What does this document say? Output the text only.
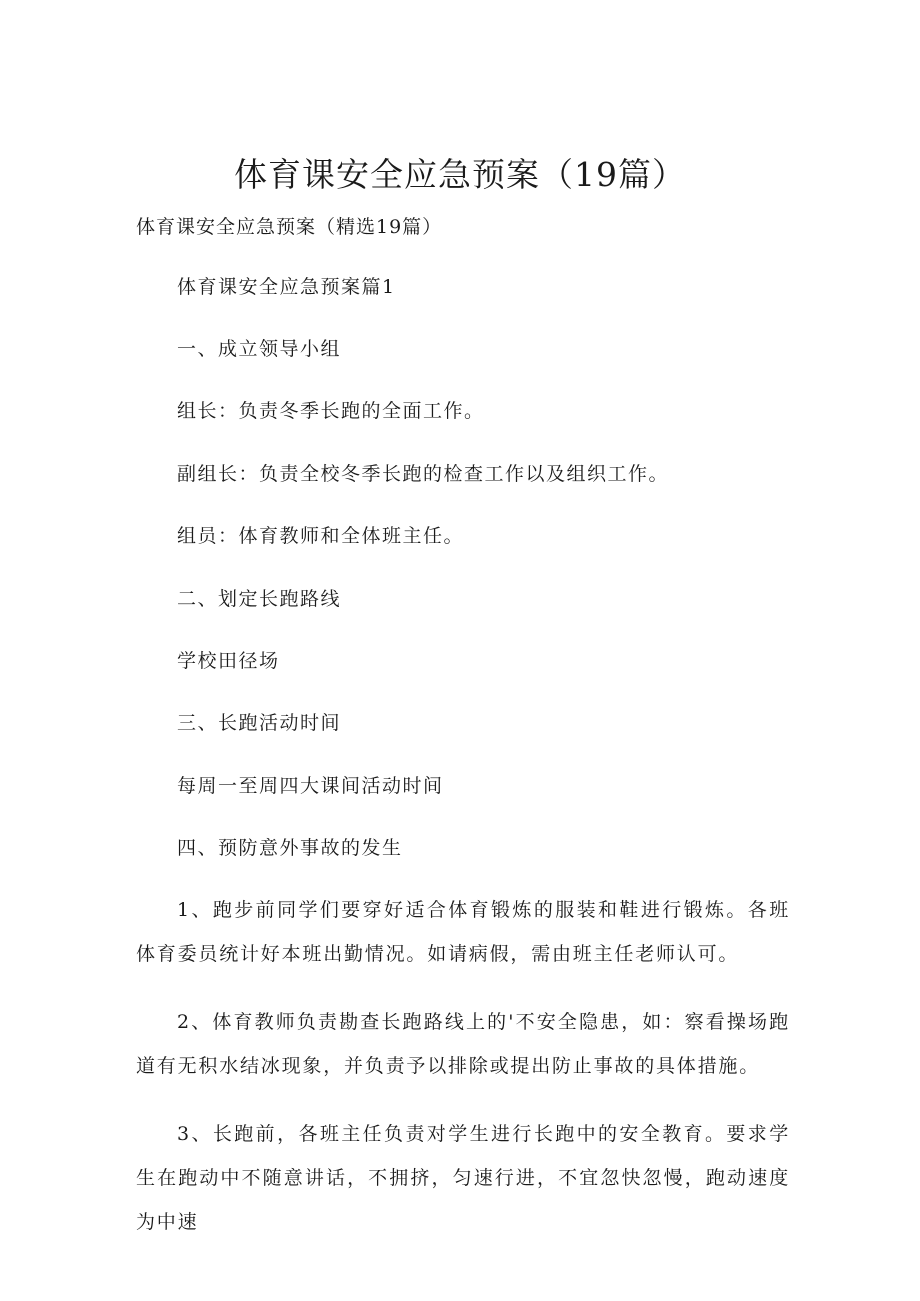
体育课安全应急预案（19篇）

体育课安全应急预案（精选19篇）

体育课安全应急预案篇1

一、成立领导小组

组长：负责冬季长跑的全面工作。

副组长：负责全校冬季长跑的检查工作以及组织工作。

组员：体育教师和全体班主任。

二、划定长跑路线

学校田径场

三、长跑活动时间

每周一至周四大课间活动时间

四、预防意外事故的发生

1、跑步前同学们要穿好适合体育锻炼的服装和鞋进行锻炼。各班体育委员统计好本班出勤情况。如请病假，需由班主任老师认可。

2、体育教师负责勘查长跑路线上的'不安全隐患，如：察看操场跑道有无积水结冰现象，并负责予以排除或提出防止事故的具体措施。

3、长跑前，各班主任负责对学生进行长跑中的安全教育。要求学生在跑动中不随意讲话，不拥挤，匀速行进，不宜忽快忽慢，跑动速度为中速
